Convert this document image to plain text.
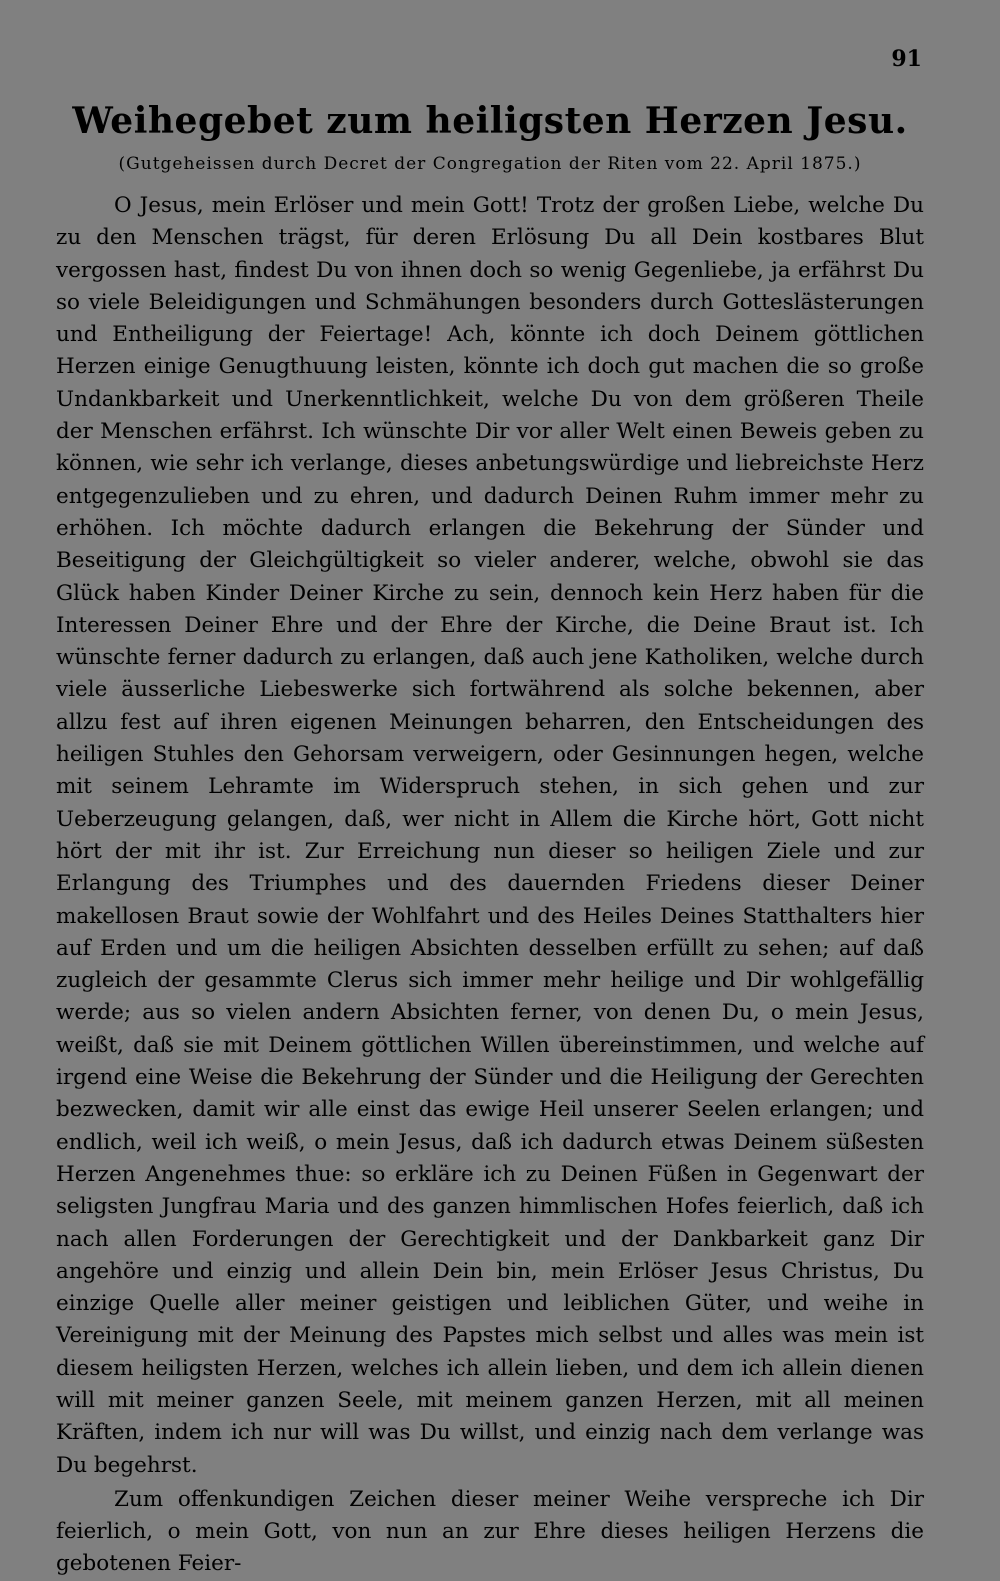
91
Weihegebet zum heiligsten Herzen Jesu.
(Gutgeheissen durch Decret der Congregation der Riten vom 22. April 1875.)

O Jesus, mein Erlöser und mein Gott! Trotz der großen Liebe, welche Du zu den Menschen trägst, für deren Erlösung Du all Dein kostbares Blut vergossen hast, findest Du von ihnen doch so wenig Gegenliebe, ja erfährst Du so viele Beleidigungen und Schmähungen besonders durch Gotteslästerungen und Entheiligung der Feiertage! Ach, könnte ich doch Deinem göttlichen Herzen einige Genugthuung leisten, könnte ich doch gut machen die so große Undankbarkeit und Unerkenntlichkeit, welche Du von dem größeren Theile der Menschen erfährst. Ich wünschte Dir vor aller Welt einen Beweis geben zu können, wie sehr ich verlange, dieses anbetungswürdige und liebreichste Herz entgegenzulieben und zu ehren, und dadurch Deinen Ruhm immer mehr zu erhöhen. Ich möchte dadurch erlangen die Bekehrung der Sünder und Beseitigung der Gleichgültigkeit so vieler anderer, welche, obwohl sie das Glück haben Kinder Deiner Kirche zu sein, dennoch kein Herz haben für die Interessen Deiner Ehre und der Ehre der Kirche, die Deine Braut ist. Ich wünschte ferner dadurch zu erlangen, daß auch jene Katholiken, welche durch viele äusserliche Liebeswerke sich fortwährend als solche bekennen, aber allzu fest auf ihren eigenen Meinungen beharren, den Entscheidungen des heiligen Stuhles den Gehorsam verweigern, oder Gesinnungen hegen, welche mit seinem Lehramte im Widerspruch stehen, in sich gehen und zur Ueberzeugung gelangen, daß, wer nicht in Allem die Kirche hört, Gott nicht hört der mit ihr ist. Zur Erreichung nun dieser so heiligen Ziele und zur Erlangung des Triumphes und des dauernden Friedens dieser Deiner makellosen Braut sowie der Wohlfahrt und des Heiles Deines Statthalters hier auf Erden und um die heiligen Absichten desselben erfüllt zu sehen; auf daß zugleich der gesammte Clerus sich immer mehr heilige und Dir wohlgefällig werde; aus so vielen andern Absichten ferner, von denen Du, o mein Jesus, weißt, daß sie mit Deinem göttlichen Willen übereinstimmen, und welche auf irgend eine Weise die Bekehrung der Sünder und die Heiligung der Gerechten bezwecken, damit wir alle einst das ewige Heil unserer Seelen erlangen; und endlich, weil ich weiß, o mein Jesus, daß ich dadurch etwas Deinem süßesten Herzen Angenehmes thue: so erkläre ich zu Deinen Füßen in Gegenwart der seligsten Jungfrau Maria und des ganzen himmlischen Hofes feierlich, daß ich nach allen Forderungen der Gerechtigkeit und der Dankbarkeit ganz Dir angehöre und einzig und allein Dein bin, mein Erlöser Jesus Christus, Du einzige Quelle aller meiner geistigen und leiblichen Güter, und weihe in Vereinigung mit der Meinung des Papstes mich selbst und alles was mein ist diesem heiligsten Herzen, welches ich allein lieben, und dem ich allein dienen will mit meiner ganzen Seele, mit meinem ganzen Herzen, mit all meinen Kräften, indem ich nur will was Du willst, und einzig nach dem verlange was Du begehrst.

Zum offenkundigen Zeichen dieser meiner Weihe verspreche ich Dir feierlich, o mein Gott, von nun an zur Ehre dieses heiligen Herzens die gebotenen Feier-
